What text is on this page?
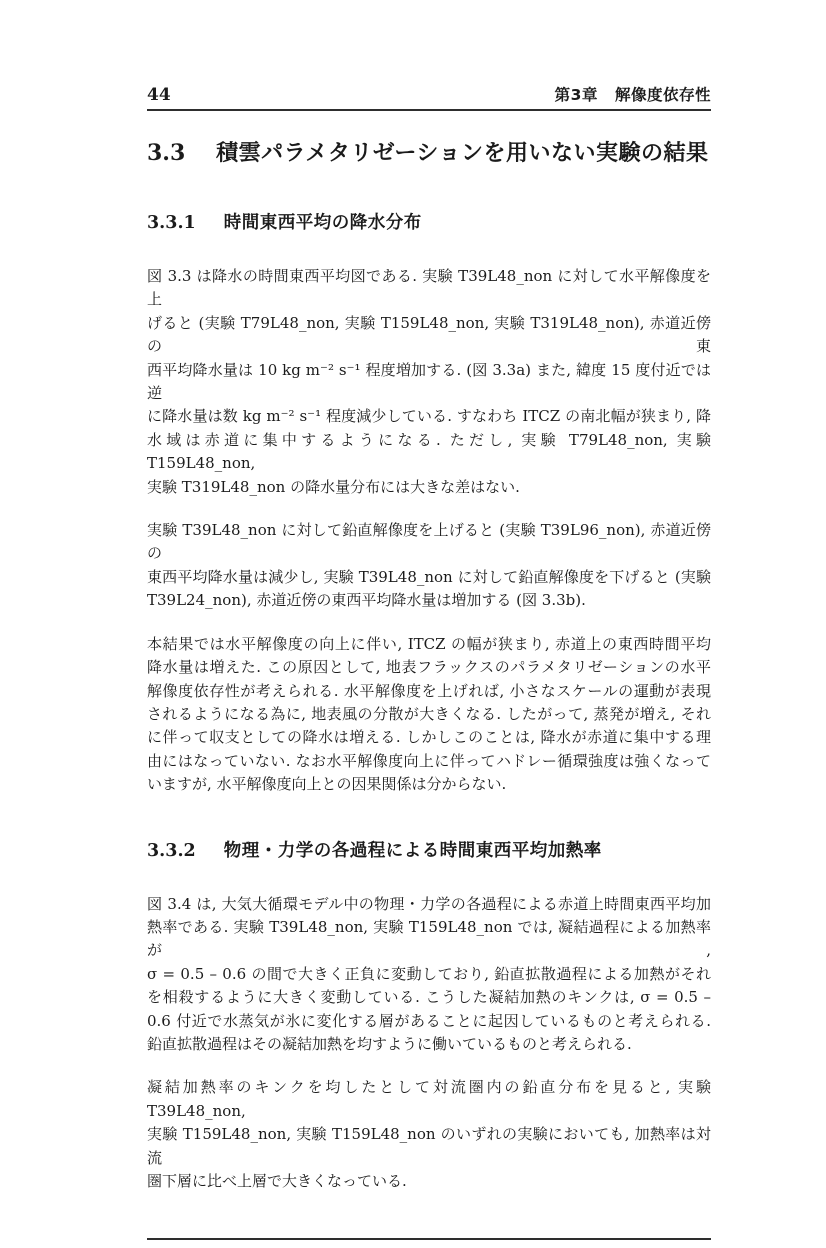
44	第3章 解像度依存性
3.3 積雲パラメタリゼーションを用いない実験の結果
3.3.1 時間東西平均の降水分布
図 3.3 は降水の時間東西平均図である. 実験 T39L48_non に対して水平解像度を上
げると (実験 T79L48_non, 実験 T159L48_non, 実験 T319L48_non), 赤道近傍の東
西平均降水量は 10 kg m⁻² s⁻¹ 程度増加する. (図 3.3a) また, 緯度 15 度付近では逆
に降水量は数 kg m⁻² s⁻¹ 程度減少している. すなわち ITCZ の南北幅が狭まり, 降
水域は赤道に集中するようになる. ただし, 実験 T79L48_non, 実験 T159L48_non,
実験 T319L48_non の降水量分布には大きな差はない.
実験 T39L48_non に対して鉛直解像度を上げると (実験 T39L96_non), 赤道近傍の
東西平均降水量は減少し, 実験 T39L48_non に対して鉛直解像度を下げると (実験
T39L24_non), 赤道近傍の東西平均降水量は増加する (図 3.3b).
本結果では水平解像度の向上に伴い, ITCZ の幅が狭まり, 赤道上の東西時間平均
降水量は増えた. この原因として, 地表フラックスのパラメタリゼーションの水平
解像度依存性が考えられる. 水平解像度を上げれば, 小さなスケールの運動が表現
されるようになる為に, 地表風の分散が大きくなる. したがって, 蒸発が増え, それ
に伴って収支としての降水は増える. しかしこのことは, 降水が赤道に集中する理
由にはなっていない. なお水平解像度向上に伴ってハドレー循環強度は強くなって
いますが, 水平解像度向上との因果関係は分からない.
3.3.2 物理・力学の各過程による時間東西平均加熱率
図 3.4 は, 大気大循環モデル中の物理・力学の各過程による赤道上時間東西平均加
熱率である. 実験 T39L48_non, 実験 T159L48_non では, 凝結過程による加熱率が,
σ = 0.5 – 0.6 の間で大きく正負に変動しており, 鉛直拡散過程による加熱がそれ
を相殺するように大きく変動している. こうした凝結加熱のキンクは, σ = 0.5 –
0.6 付近で水蒸気が氷に変化する層があることに起因しているものと考えられる.
鉛直拡散過程はその凝結加熱を均すように働いているものと考えられる.
凝結加熱率のキンクを均したとして対流圏内の鉛直分布を見ると, 実験 T39L48_non,
実験 T159L48_non, 実験 T159L48_non のいずれの実験においても, 加熱率は対流
圏下層に比べ上層で大きくなっている.
